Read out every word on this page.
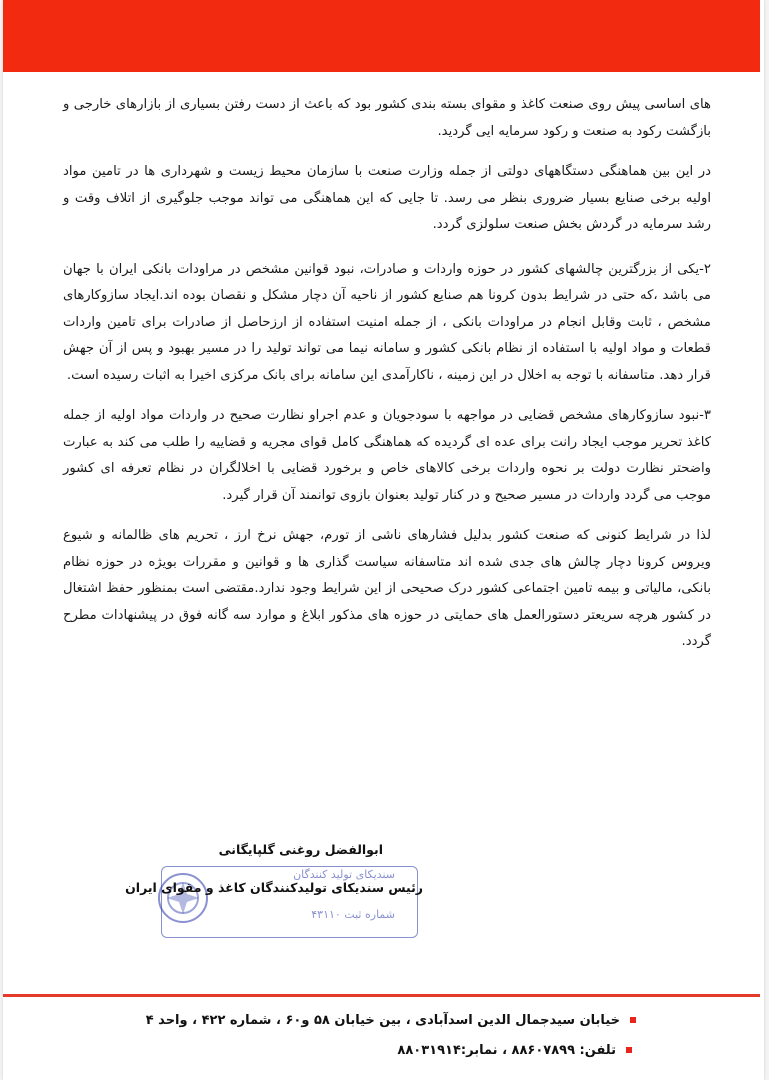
های اساسی پیش روی صنعت کاغذ و مقوای بسته بندی کشور بود که باعث از دست رفتن بسیاری از بازارهای خارجی و بازگشت رکود به صنعت و رکود سرمایه ایی گردید.

در این بین هماهنگی دستگاههای دولتی از جمله وزارت صنعت با سازمان محیط زیست و شهرداری ها در تامین مواد اولیه برخی صنایع بسیار ضروری بنظر می رسد. تا جایی که این هماهنگی می تواند موجب جلوگیری از اتلاف وقت و رشد سرمایه در گردش بخش صنعت سلولزی گردد.

۲-یکی از بزرگترین چالشهای کشور در حوزه واردات و صادرات، نبود قوانین مشخص در مراودات بانکی ایران با جهان می باشد ،که حتی در شرایط بدون کرونا هم صنایع کشور از ناحیه آن دچار مشکل و نقصان بوده اند.ایجاد سازوکارهای مشخص ، ثابت وقابل انجام در مراودات بانکی ، از جمله امنیت استفاده از ارزحاصل از صادرات برای تامین واردات قطعات و مواد اولیه با استفاده از نظام بانکی کشور و سامانه نیما می تواند تولید را در مسیر بهبود و پس از آن جهش قرار دهد. متاسفانه با توجه به اخلال در این زمینه ، ناکارآمدی این سامانه برای بانک مرکزی اخیرا به اثبات رسیده است.

۳-نبود سازوکارهای مشخص قضایی در مواجهه با سودجویان و عدم اجراو نظارت صحیح در واردات مواد اولیه از جمله کاغذ تحریر موجب ایجاد رانت برای عده ای گردیده که هماهنگی کامل قوای مجریه و قضاییه را طلب می کند به عبارت واضحتر نظارت دولت بر نحوه واردات برخی کالاهای خاص و برخورد قضایی با اخلالگران در نظام تعرفه ای کشور موجب می گردد واردات در مسیر صحیح و در کنار تولید بعنوان بازوی توانمند آن قرار گیرد.

لذا در شرایط کنونی که صنعت کشور بدلیل فشارهای ناشی از تورم، جهش نرخ ارز ، تحریم های ظالمانه و شیوع ویروس کرونا دچار چالش های جدی شده اند متاسفانه سیاست گذاری ها و قوانین و مقررات بویژه در حوزه نظام بانکی، مالیاتی و بیمه تامین اجتماعی کشور درک صحیحی از این شرایط وجود ندارد.مقتضی است بمنظور حفظ اشتغال در کشور هرچه سریعتر دستورالعمل های حمایتی در حوزه های مذکور ابلاغ و موارد سه گانه فوق در پیشنهادات مطرح گردد.

سندیکای تولید کنندگان
شماره ثبت ۴۳۱۱۰
ابوالفضل روغنی گلپایگانی
رئیس سندیکای تولیدکنندگان کاغذ و مقوای ایران
خیابان سیدجمال الدین اسدآبادی ، بین خیابان ۵۸ و۶۰ ، شماره ۴۲۲ ، واحد ۴
تلفن: ۸۸۶۰۷۸۹۹ ، نمابر:۸۸۰۳۱۹۱۴
